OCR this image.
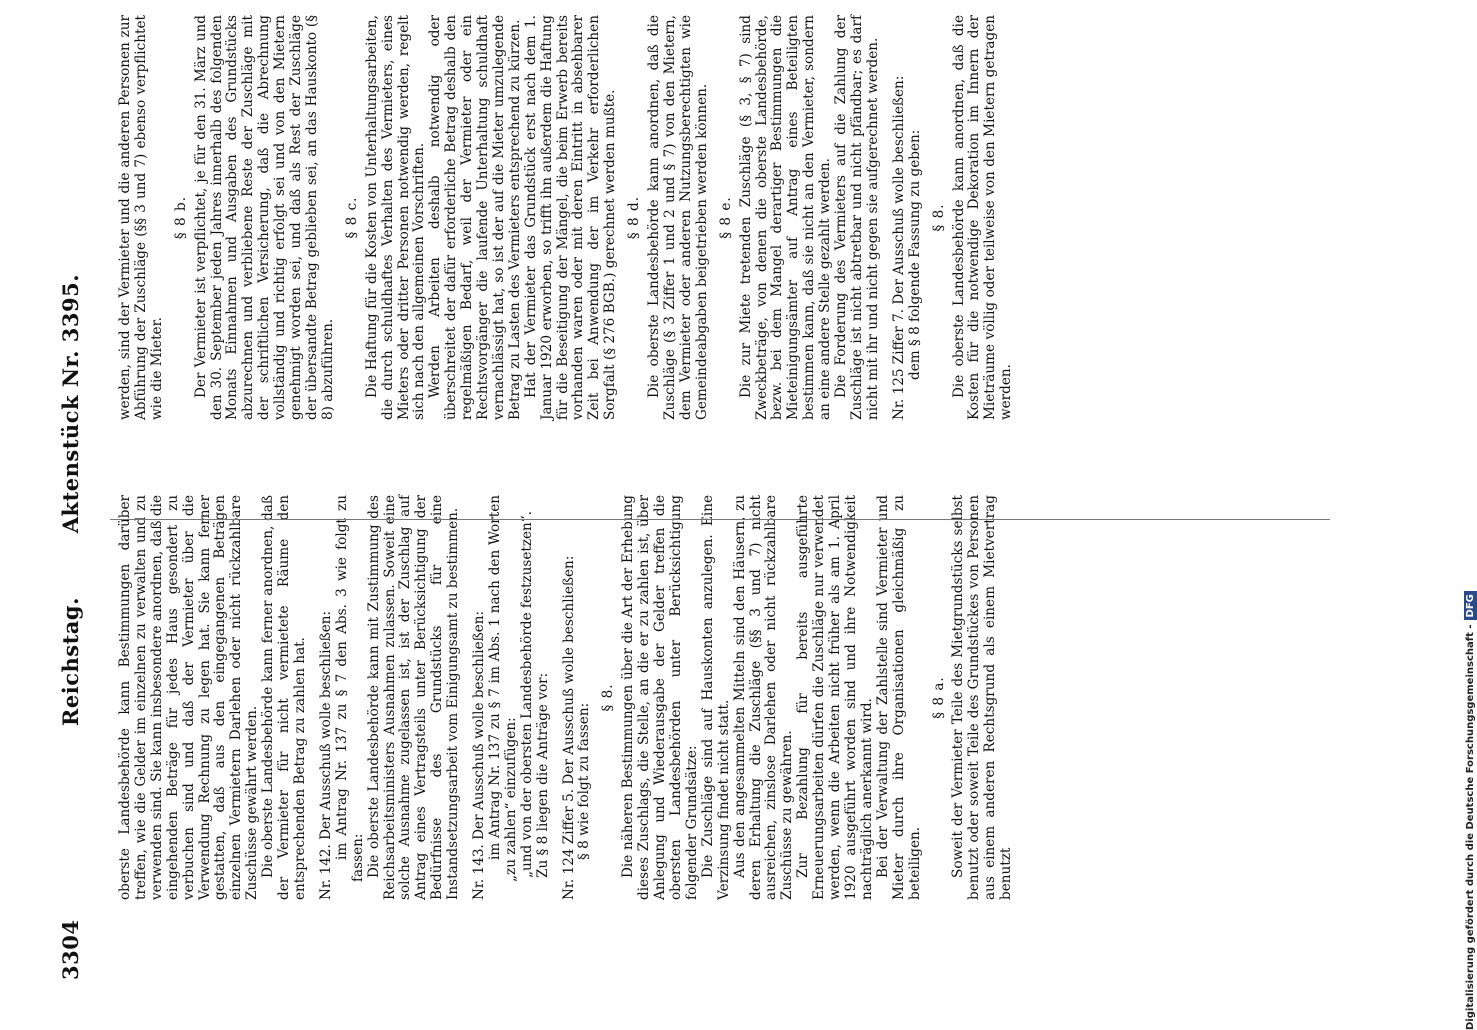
3304
Reichstag. Aktenstück Nr. 3395.

oberste Landesbehörde kann Bestimmungen darüber treffen, wie die Gelder im einzelnen zu verwalten und zu verwenden sind. Sie kann insbesondere anordnen, daß die eingehenden Beträge für jedes Haus gesondert zu verbuchen sind und daß der Vermieter über die Verwendung Rechnung zu legen hat. Sie kann ferner gestatten, daß aus den eingegangenen Beträgen einzelnen Vermietern Darlehen oder nicht rückzahlbare Zuschüsse gewährt werden. Die oberste Landesbehörde kann ferner anordnen, daß der Vermieter für nicht vermietete Räume den entsprechenden Betrag zu zahlen hat. Nr. 142. Der Ausschuß wolle beschließen: im Antrag Nr. 137 zu § 7 den Abs. 3 wie folgt zu fassen: Die oberste Landesbehörde kann mit Zustimmung des Reichsarbeitsministers Ausnahmen zulassen. Soweit eine solche Ausnahme zugelassen ist, ist der Zuschlag auf Antrag eines Vertragsteils unter Berücksichtigung der Bedürfnisse des Grundstücks für eine Instandsetzungsarbeit vom Einigungsamt zu bestimmen. Nr. 143. Der Ausschuß wolle beschließen: im Antrag Nr. 137 zu § 7 im Abs. 1 nach den Worten „zu zahlen“ einzufügen: „und von der obersten Landesbehörde festzusetzen“. Zu § 8 liegen die Anträge vor: Nr. 124 Ziffer 5. Der Ausschuß wolle beschließen: § 8 wie folgt zu fassen:

§ 8. Die näheren Bestimmungen über die Art der Erhebung dieses Zuschlags, die Stelle, an die er zu zahlen ist, über Anlegung und Wiederausgabe der Gelder treffen die obersten Landesbehörden unter Berücksichtigung folgender Grundsätze: Die Zuschläge sind auf Hauskonten anzulegen. Eine Verzinsung findet nicht statt. Aus den angesammelten Mitteln sind den Häusern, zu deren Erhaltung die Zuschläge (§§ 3 und 7) nicht ausreichen, zinslose Darlehen oder nicht rückzahlbare Zuschüsse zu gewähren. Zur Bezahlung für bereits ausgeführte Erneuerungsarbeiten dürfen die Zuschläge nur verwendet werden, wenn die Arbeiten nicht früher als am 1. April 1920 ausgeführt worden sind und ihre Notwendigkeit nachträglich anerkannt wird. Bei der Verwaltung der Zahlstelle sind Vermieter und Mieter durch ihre Organisationen gleichmäßig zu beteiligen.

§ 8 a. Soweit der Vermieter Teile des Mietgrundstücks selbst benutzt oder soweit Teile des Grundstückes von Personen aus einem anderen Rechtsgrund als einem Mietvertrag benutzt

werden, sind der Vermieter und die anderen Personen zur Abführung der Zuschläge (§§ 3 und 7) ebenso verpflichtet wie die Mieter.

§ 8 b. Der Vermieter ist verpflichtet, je für den 31. März und den 30. September jeden Jahres innerhalb des folgenden Monats Einnahmen und Ausgaben des Grundstücks abzurechnen und verbliebene Reste der Zuschläge mit der schriftlichen Versicherung, daß die Abrechnung vollständig und richtig erfolgt sei und von den Mietern genehmigt worden sei, und daß als Rest der Zuschläge der übersandte Betrag geblieben sei, an das Hauskonto (§ 8) abzuführen.

§ 8 c. Die Haftung für die Kosten von Unterhaltungsarbeiten, die durch schuldhaftes Verhalten des Vermieters, eines Mieters oder dritter Personen notwendig werden, regelt sich nach den allgemeinen Vorschriften. Werden Arbeiten deshalb notwendig oder überschreitet der dafür erforderliche Betrag deshalb den regelmäßigen Bedarf, weil der Vermieter oder ein Rechtsvorgänger die laufende Unterhaltung schuldhaft vernachlässigt hat, so ist der auf die Mieter umzulegende Betrag zu Lasten des Vermieters entsprechend zu kürzen. Hat der Vermieter das Grundstück erst nach dem 1. Januar 1920 erworben, so trifft ihn außerdem die Haftung für die Beseitigung der Mängel, die beim Erwerb bereits vorhanden waren oder mit deren Eintritt in absehbarer Zeit bei Anwendung der im Verkehr erforderlichen Sorgfalt (§ 276 BGB.) gerechnet werden mußte. § 8 d. Die oberste Landesbehörde kann anordnen, daß die Zuschläge (§ 3 Ziffer 1 und 2 und § 7) von den Mietern, dem Vermieter oder anderen Nutzungsberechtigten wie Gemeindeabgaben beigetrieben werden können. § 8 e. Die zur Miete tretenden Zuschläge (§ 3, § 7) sind Zweckbeträge, von denen die oberste Landesbehörde, bezw. bei dem Mangel derartiger Bestimmungen die Mieteinigungsämter auf Antrag eines Beteiligten bestimmen kann, daß sie nicht an den Vermieter, sondern an eine andere Stelle gezahlt werden. Die Forderung des Vermieters auf die Zahlung der Zuschläge ist nicht abtretbar und nicht pfändbar; es darf nicht mit ihr und nicht gegen sie aufgerechnet werden. Nr. 125 Ziffer 7. Der Ausschuß wolle beschließen: dem § 8 folgende Fassung zu geben: § 8. Die oberste Landesbehörde kann anordnen, daß die Kosten für die notwendige Dekoration im Innern der Mieträume völlig oder teilweise von den Mietern getragen werden.

Digitalisierung gefördert durch die Deutsche Forschungsgemeinschaft -DFG
